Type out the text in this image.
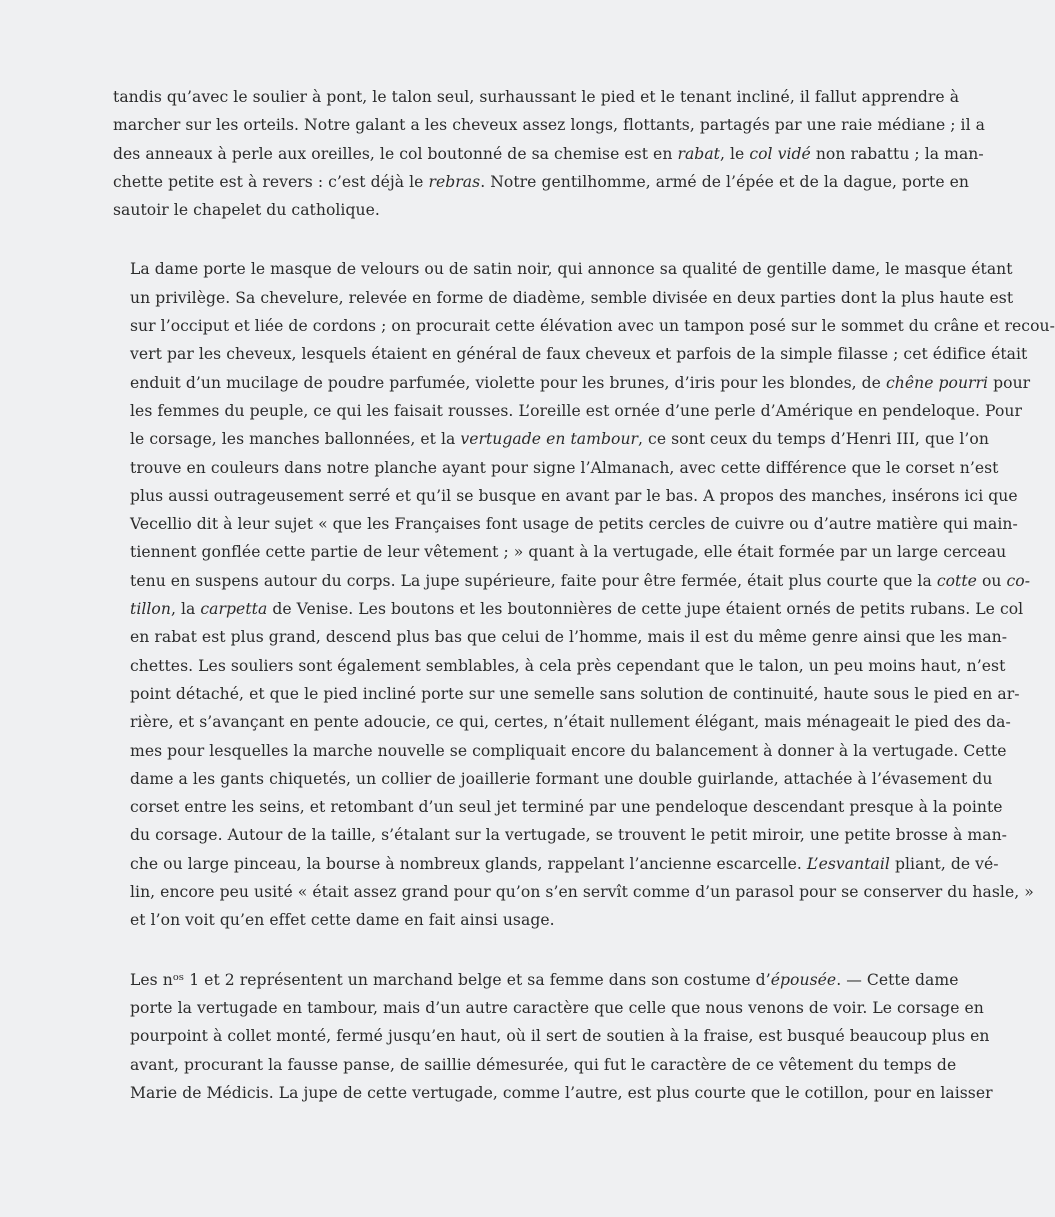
tandis qu’avec le soulier à pont, le talon seul, surhaussant le pied et le tenant incliné, il fallut apprendre à
marcher sur les orteils. Notre galant a les cheveux assez longs, flottants, partagés par une raie médiane ; il a
des anneaux à perle aux oreilles, le col boutonné de sa chemise est en rabat, le col vidé non rabattu ; la man-
chette petite est à revers : c’est déjà le rebras. Notre gentilhomme, armé de l’épée et de la dague, porte en
sautoir le chapelet du catholique.
La dame porte le masque de velours ou de satin noir, qui annonce sa qualité de gentille dame, le masque étant
un privilège. Sa chevelure, relevée en forme de diadème, semble divisée en deux parties dont la plus haute est
sur l’occiput et liée de cordons ; on procurait cette élévation avec un tampon posé sur le sommet du crâne et recou-
vert par les cheveux, lesquels étaient en général de faux cheveux et parfois de la simple filasse ; cet édifice était
enduit d’un mucilage de poudre parfumée, violette pour les brunes, d’iris pour les blondes, de chêne pourri pour
les femmes du peuple, ce qui les faisait rousses. L’oreille est ornée d’une perle d’Amérique en pendeloque. Pour
le corsage, les manches ballonnées, et la vertugade en tambour, ce sont ceux du temps d’Henri III, que l’on
trouve en couleurs dans notre planche ayant pour signe l’Almanach, avec cette différence que le corset n’est
plus aussi outrageusement serré et qu’il se busque en avant par le bas. A propos des manches, insérons ici que
Vecellio dit à leur sujet « que les Françaises font usage de petits cercles de cuivre ou d’autre matière qui main-
tiennent gonflée cette partie de leur vêtement ; » quant à la vertugade, elle était formée par un large cerceau
tenu en suspens autour du corps. La jupe supérieure, faite pour être fermée, était plus courte que la cotte ou co-
tillon, la carpetta de Venise. Les boutons et les boutonnières de cette jupe étaient ornés de petits rubans. Le col
en rabat est plus grand, descend plus bas que celui de l’homme, mais il est du même genre ainsi que les man-
chettes. Les souliers sont également semblables, à cela près cependant que le talon, un peu moins haut, n’est
point détaché, et que le pied incliné porte sur une semelle sans solution de continuité, haute sous le pied en ar-
rière, et s’avançant en pente adoucie, ce qui, certes, n’était nullement élégant, mais ménageait le pied des da-
mes pour lesquelles la marche nouvelle se compliquait encore du balancement à donner à la vertugade. Cette
dame a les gants chiquetés, un collier de joaillerie formant une double guirlande, attachée à l’évasement du
corset entre les seins, et retombant d’un seul jet terminé par une pendeloque descendant presque à la pointe
du corsage. Autour de la taille, s’étalant sur la vertugade, se trouvent le petit miroir, une petite brosse à man-
che ou large pinceau, la bourse à nombreux glands, rappelant l’ancienne escarcelle. L’esvantail pliant, de vé-
lin, encore peu usité « était assez grand pour qu’on s’en servît comme d’un parasol pour se conserver du hasle, »
et l’on voit qu’en effet cette dame en fait ainsi usage.
Les nᵒˢ 1 et 2 représentent un marchand belge et sa femme dans son costume d’épousée. — Cette dame
porte la vertugade en tambour, mais d’un autre caractère que celle que nous venons de voir. Le corsage en
pourpoint à collet monté, fermé jusqu’en haut, où il sert de soutien à la fraise, est busqué beaucoup plus en
avant, procurant la fausse panse, de saillie démesurée, qui fut le caractère de ce vêtement du temps de
Marie de Médicis. La jupe de cette vertugade, comme l’autre, est plus courte que le cotillon, pour en laisser
